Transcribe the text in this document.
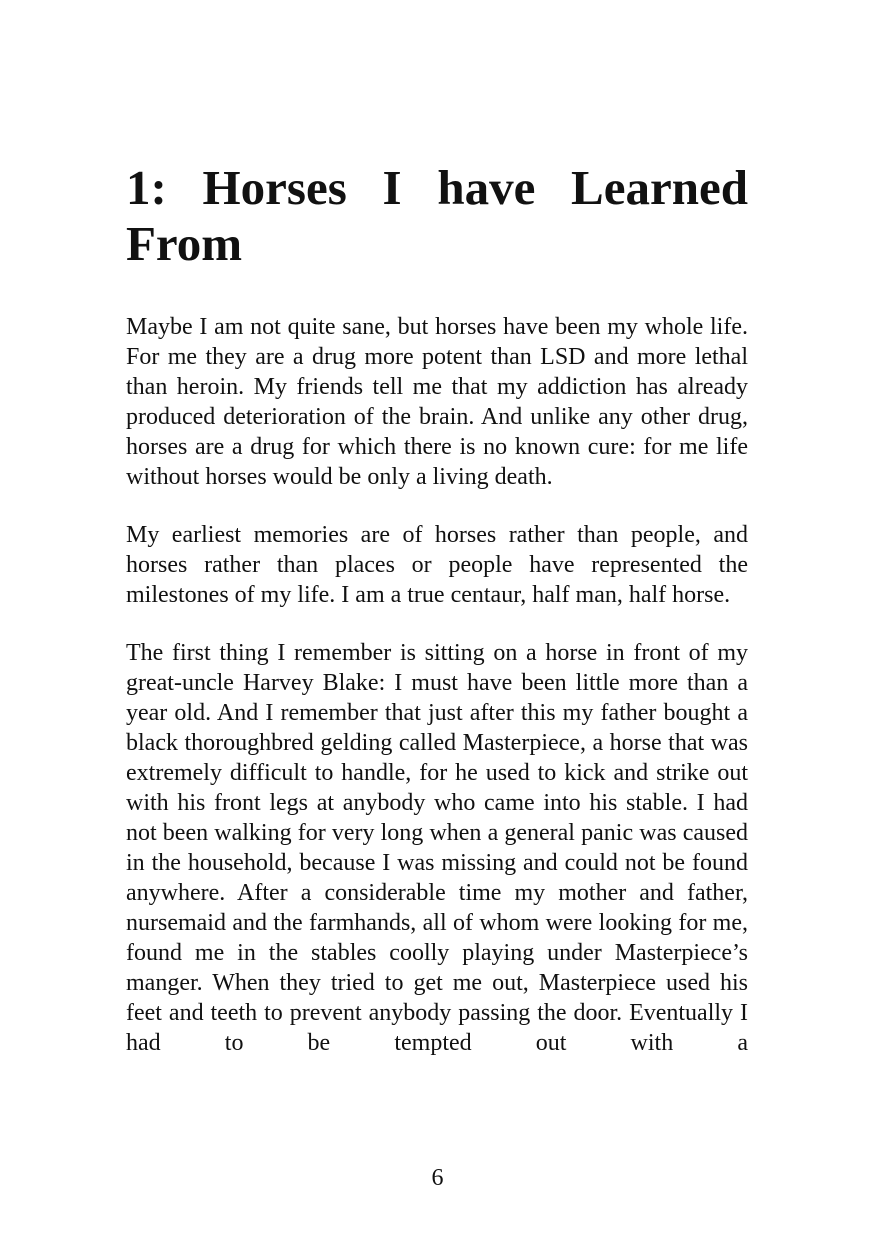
1: Horses I have Learned From

Maybe I am not quite sane, but horses have been my whole life. For me they are a drug more potent than LSD and more lethal than heroin. My friends tell me that my addiction has already produced deterioration of the brain. And unlike any other drug, horses are a drug for which there is no known cure: for me life without horses would be only a living death.

My earliest memories are of horses rather than people, and horses rather than places or people have represented the milestones of my life. I am a true centaur, half man, half horse.

The first thing I remember is sitting on a horse in front of my great-uncle Harvey Blake: I must have been little more than a year old. And I remember that just after this my father bought a black thoroughbred gelding called Masterpiece, a horse that was extremely difficult to handle, for he used to kick and strike out with his front legs at anybody who came into his stable. I had not been walking for very long when a general panic was caused in the household, because I was missing and could not be found anywhere. After a considerable time my mother and father, nursemaid and the farmhands, all of whom were looking for me, found me in the stables coolly playing under Masterpiece’s manger. When they tried to get me out, Masterpiece used his feet and teeth to prevent anybody passing the door. Eventually I had to be tempted out with a

6
